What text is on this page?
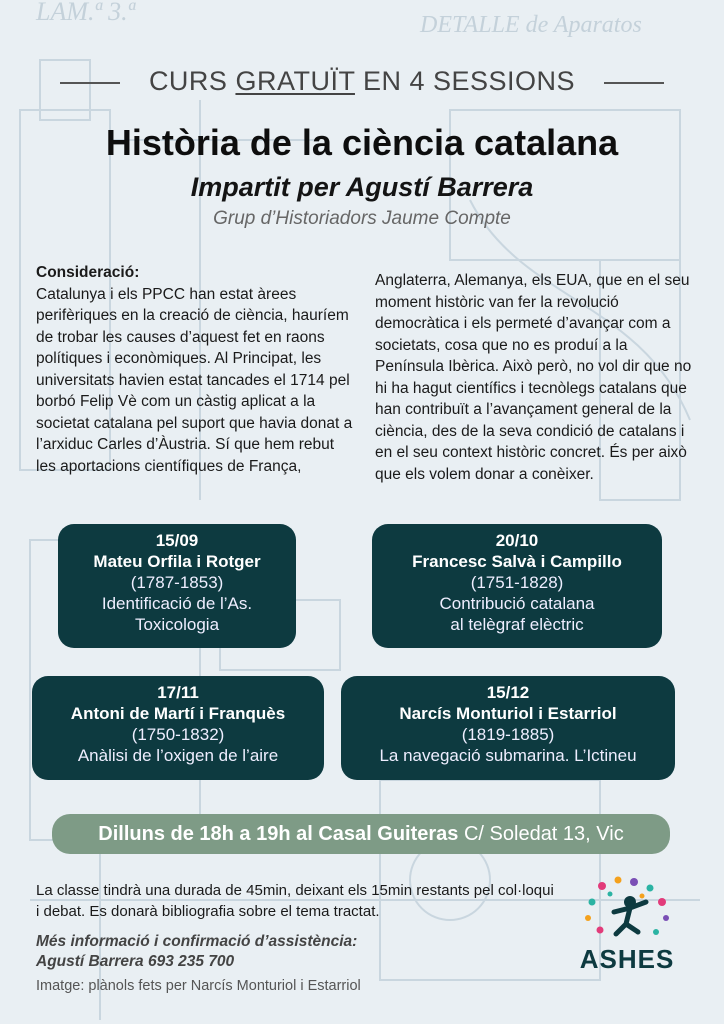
LAM.ª 3.ª	DETALLE de Aparatos
CURS GRATUÏT EN 4 SESSIONS
Història de la ciència catalana
Impartit per Agustí Barrera
Grup d’Historiadors Jaume Compte
Consideració:
Catalunya i els PPCC han estat àrees perifèriques en la creació de ciència, hauríem de trobar les causes d’aquest fet en raons polítiques i econòmiques. Al Principat, les universitats havien estat tancades el 1714 pel borbó Felip Vè com un càstig aplicat a la societat catalana pel suport que havia donat a l’arxiduc Carles d’Àustria. Sí que hem rebut les aportacions científiques de França,
Anglaterra, Alemanya, els EUA, que en el seu moment històric van fer la revolució democràtica i els permeté d’avançar com a societats, cosa que no es produí a la Península Ibèrica. Això però, no vol dir que no hi ha hagut científics i tecnòlegs catalans que han contribuït a l’avançament general de la ciència, des de la seva condició de catalans i en el seu context històric concret. És per això que els volem donar a conèixer.
15/09
Mateu Orfila i Rotger
(1787-1853)
Identificació de l’As.
Toxicologia
20/10
Francesc Salvà i Campillo
(1751-1828)
Contribució catalana
al telègraf elèctric
17/11
Antoni de Martí i Franquès
(1750-1832)
Anàlisi de l’oxigen de l’aire
15/12
Narcís Monturiol i Estarriol
(1819-1885)
La navegació submarina. L’Ictineu
Dilluns de 18h a 19h al Casal Guiteras C/ Soledat 13, Vic
La classe tindrà una durada de 45min, deixant els 15min restants pel col·loqui i debat. Es donarà bibliografia sobre el tema tractat.
Més informació i confirmació d’assistència:
Agustí Barrera 693 235 700
Imatge: plànols fets per Narcís Monturiol i Estarriol
ASHES
